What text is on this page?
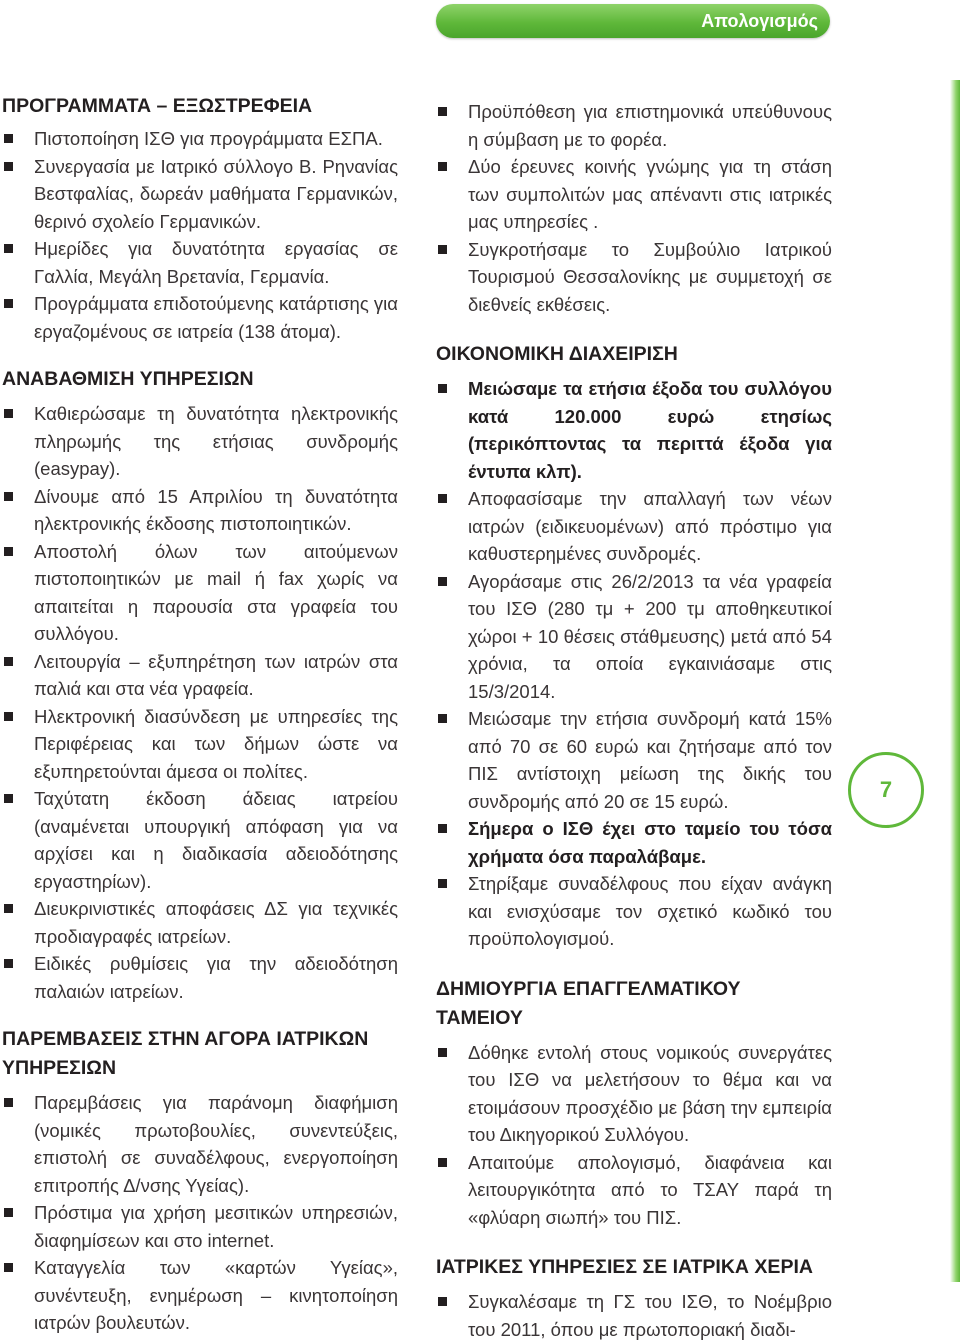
Απολογισμός
7
ΠΡΟΓΡΑΜΜΑΤΑ – ΕΞΩΣΤΡΕΦΕΙΑ
Πιστοποίηση ΙΣΘ για προγράμματα ΕΣΠΑ.
Συνεργασία με Ιατρικό σύλλογο Β. Ρηνανίας Βεστφαλίας, δωρεάν μαθήματα Γερμανικών, θερινό σχολείο Γερμανικών.
Ημερίδες για δυνατότητα εργασίας σε Γαλλία, Μεγάλη Βρετανία, Γερμανία.
Προγράμματα επιδοτούμενης κατάρτισης για εργαζομένους σε ιατρεία (138 άτομα).
ΑΝΑΒΑΘΜΙΣΗ ΥΠΗΡΕΣΙΩΝ
Καθιερώσαμε τη δυνατότητα ηλεκτρονικής πληρωμής της ετήσιας συνδρομής (easypay).
Δίνουμε από 15 Απριλίου τη δυνατότητα ηλεκτρονικής έκδοσης πιστοποιητικών.
Αποστολή όλων των αιτούμενων πιστοποιητικών με mail ή fax χωρίς να απαιτείται η παρουσία στα γραφεία του συλλόγου.
Λειτουργία – εξυπηρέτηση των ιατρών στα παλιά και στα νέα γραφεία.
Ηλεκτρονική διασύνδεση με υπηρεσίες της Περιφέρειας και των δήμων ώστε να εξυπηρετούνται άμεσα οι πολίτες.
Ταχύτατη έκδοση άδειας ιατρείου (αναμένεται υπουργική απόφαση για να αρχίσει και η διαδικασία αδειοδότησης εργαστηρίων).
Διευκρινιστικές αποφάσεις ΔΣ για τεχνικές προδιαγραφές ιατρείων.
Ειδικές ρυθμίσεις για την αδειοδότηση παλαιών ιατρείων.
ΠΑΡΕΜΒΑΣΕΙΣ ΣΤΗΝ ΑΓΟΡΑ ΙΑΤΡΙΚΩΝ ΥΠΗΡΕΣΙΩΝ
Παρεμβάσεις για παράνομη διαφήμιση (νομικές πρωτοβουλίες, συνεντεύξεις, επιστολή σε συναδέλφους, ενεργοποίηση επιτροπής Δ/νσης Υγείας).
Πρόστιμα για χρήση μεσιτικών υπηρεσιών, διαφημίσεων και στο internet.
Καταγγελία των «καρτών Υγείας», συνέντευξη, ενημέρωση – κινητοποίηση ιατρών βουλευτών.
Προϋπόθεση για επιστημονικά υπεύθυνους η σύμβαση με το φορέα.
Δύο έρευνες κοινής γνώμης για τη στάση των συμπολιτών μας απέναντι στις ιατρικές μας υπηρεσίες .
Συγκροτήσαμε το Συμβούλιο Ιατρικού Τουρισμού Θεσσαλονίκης με συμμετοχή σε διεθνείς εκθέσεις.
ΟΙΚΟΝΟΜΙΚΗ ΔΙΑΧΕΙΡΙΣΗ
Μειώσαμε τα ετήσια έξοδα του συλλόγου κατά 120.000 ευρώ ετησίως (περικόπτοντας τα περιττά έξοδα για έντυπα κλπ).
Αποφασίσαμε την απαλλαγή των νέων ιατρών (ειδικευομένων) από πρόστιμο για καθυστερημένες συνδρομές.
Αγοράσαμε στις 26/2/2013 τα νέα γραφεία του ΙΣΘ (280 τμ + 200 τμ αποθηκευτικοί χώροι + 10 θέσεις στάθμευσης) μετά από 54 χρόνια, τα οποία εγκαινιάσαμε στις 15/3/2014.
Μειώσαμε την ετήσια συνδρομή κατά 15% από 70 σε 60 ευρώ και ζητήσαμε από τον ΠΙΣ αντίστοιχη μείωση της δικής του συνδρομής από 20 σε 15 ευρώ.
Σήμερα ο ΙΣΘ έχει στο ταμείο του τόσα χρήματα όσα παραλάβαμε.
Στηρίξαμε συναδέλφους που είχαν ανάγκη και ενισχύσαμε τον σχετικό κωδικό του προϋπολογισμού.
ΔΗΜΙΟΥΡΓΙΑ ΕΠΑΓΓΕΛΜΑΤΙΚΟΥ ΤΑΜΕΙΟΥ
Δόθηκε εντολή στους νομικούς συνεργάτες του ΙΣΘ να μελετήσουν το θέμα και να ετοιμάσουν προσχέδιο με βάση την εμπειρία του Δικηγορικού Συλλόγου.
Απαιτούμε απολογισμό, διαφάνεια και λειτουργικότητα από το ΤΣΑΥ παρά τη «φλύαρη σιωπή» του ΠΙΣ.
ΙΑΤΡΙΚΕΣ ΥΠΗΡΕΣΙΕΣ ΣΕ ΙΑΤΡΙΚΑ ΧΕΡΙΑ
Συγκαλέσαμε τη ΓΣ του ΙΣΘ, το Νοέμβριο του 2011, όπου με πρωτοποριακή διαδι-
